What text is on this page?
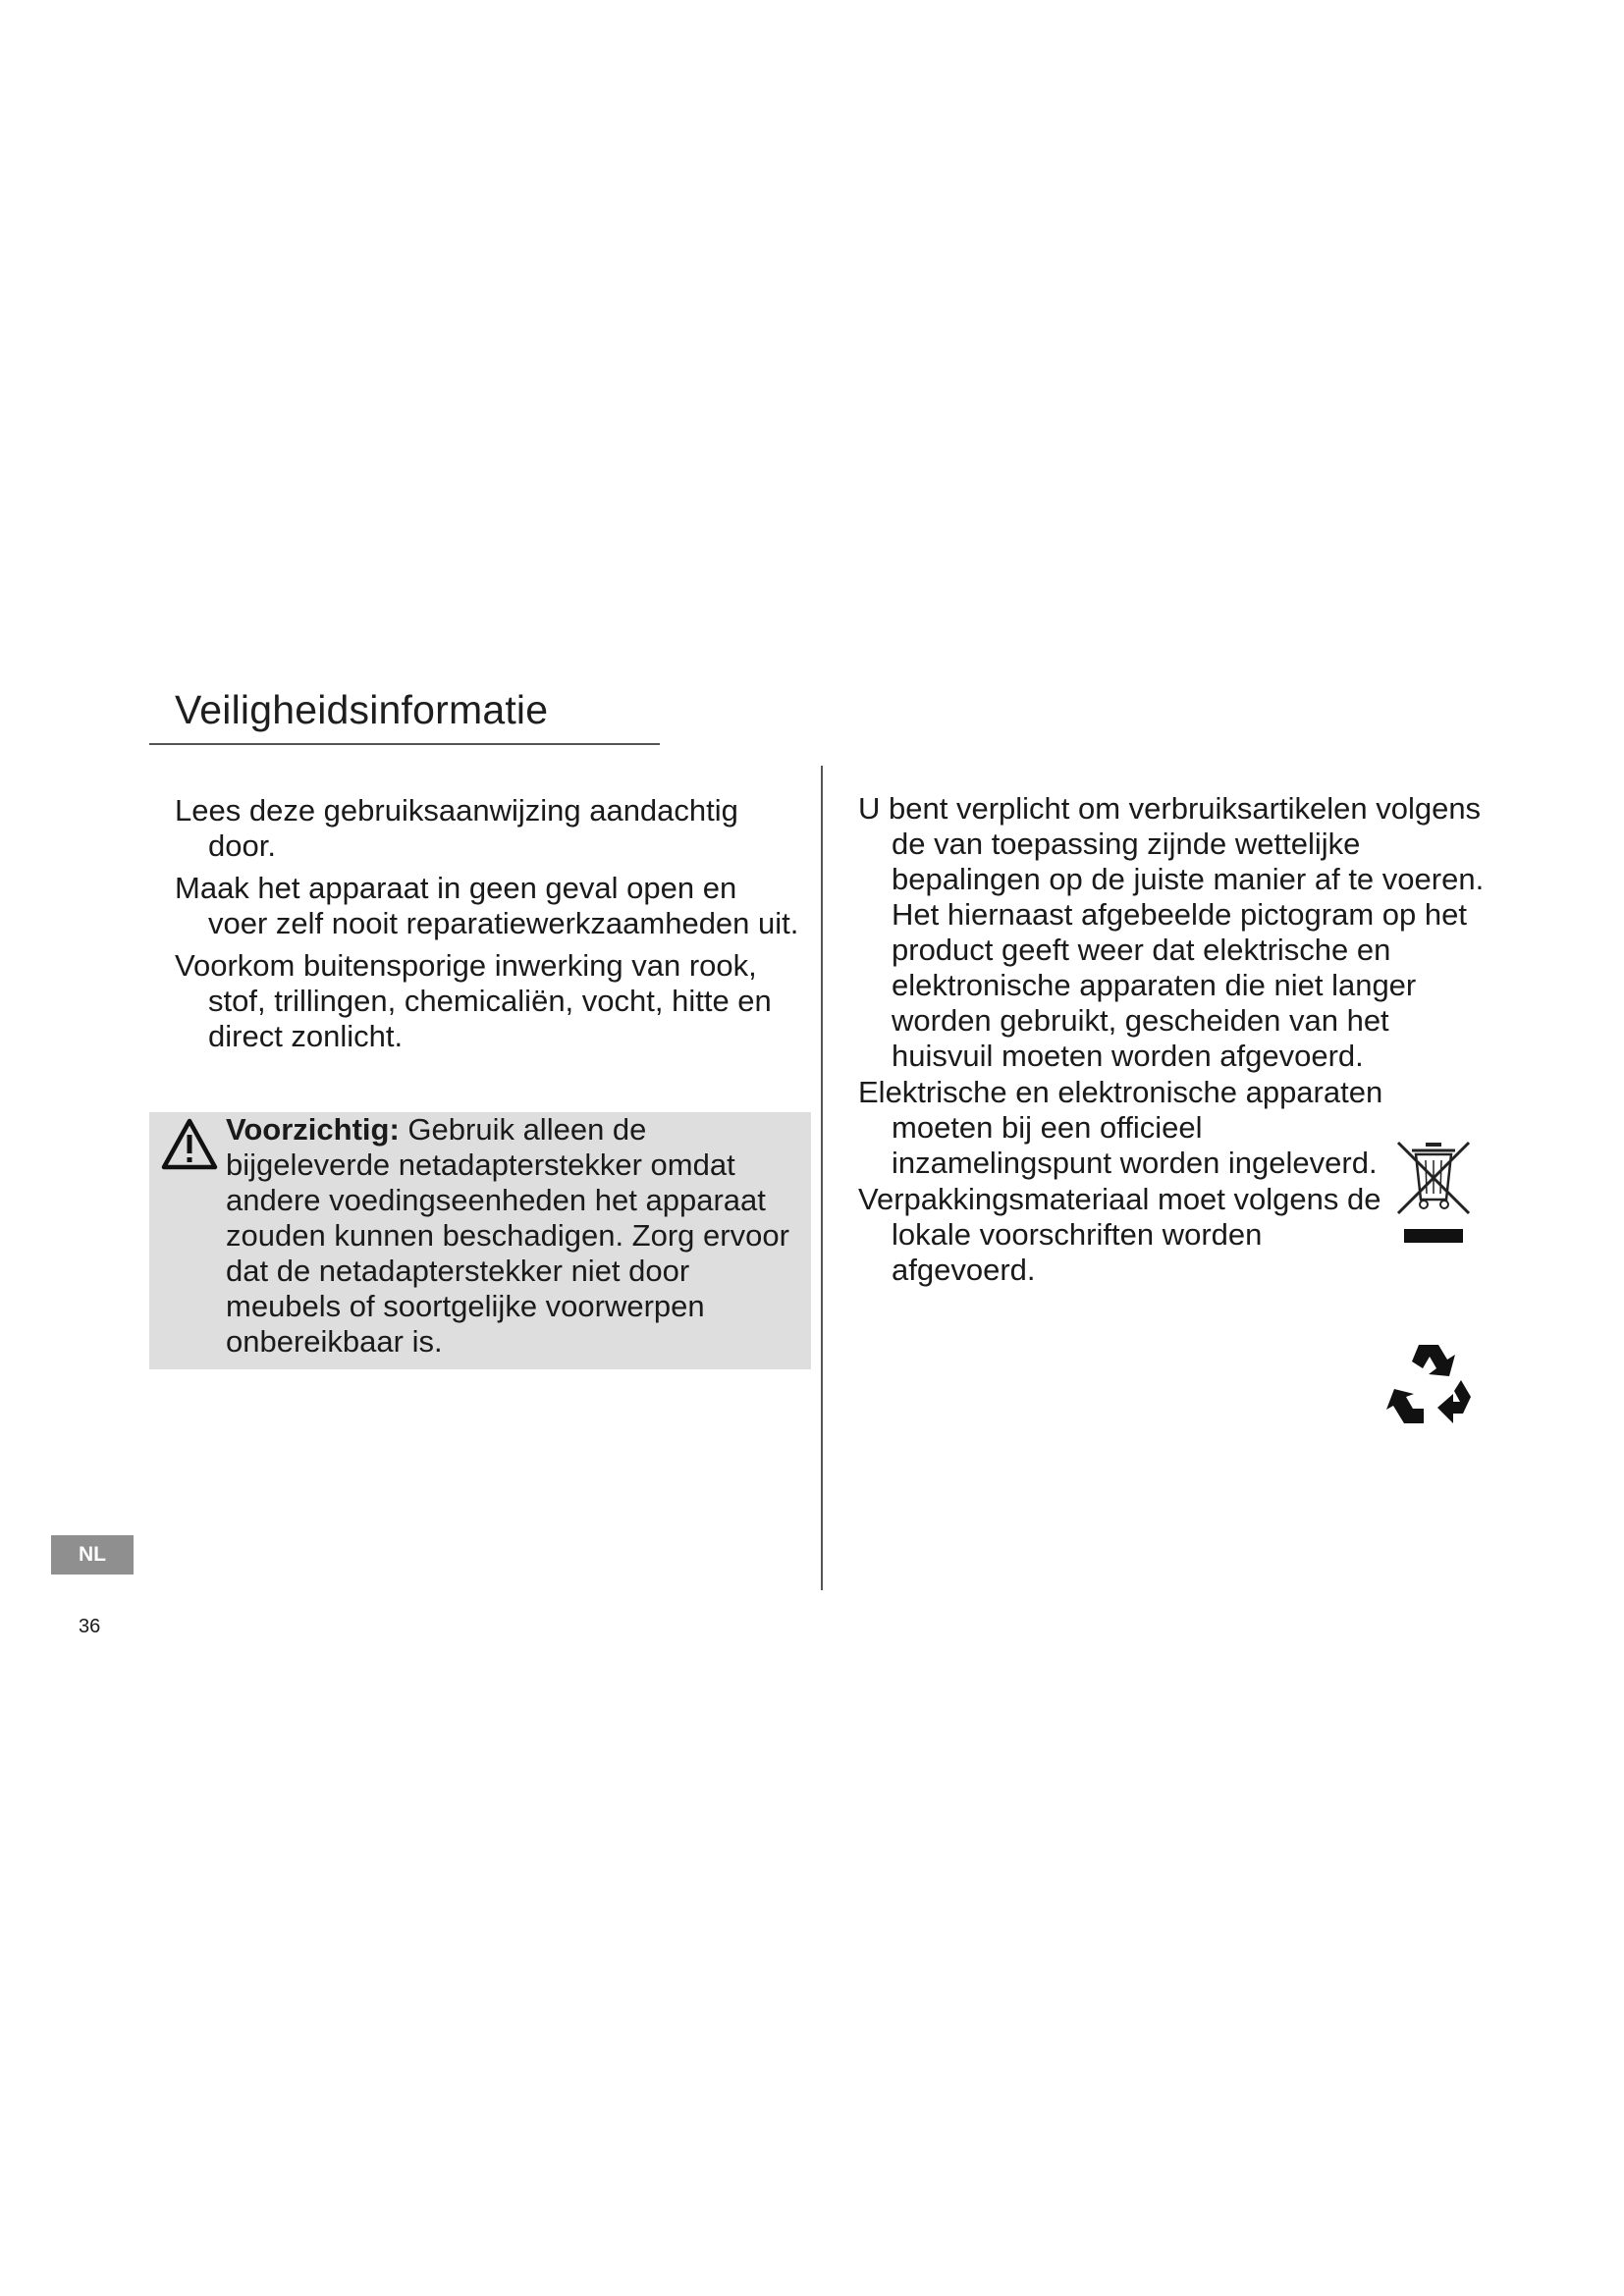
Veiligheidsinformatie

Lees deze gebruiksaanwijzing aandachtig door.

Maak het apparaat in geen geval open en voer zelf nooit reparatiewerkzaamheden uit.

Voorkom buitensporige inwerking van rook, stof, trillingen, chemicaliën, vocht, hitte en direct zonlicht.

Voorzichtig: Gebruik alleen de bijgeleverde netadapterstekker omdat andere voedingseenheden het apparaat zouden kunnen beschadigen. Zorg ervoor dat de netadapterstekker niet door meubels of soortgelijke voorwerpen onbereikbaar is.

U bent verplicht om verbruiksartikelen volgens de van toepassing zijnde wettelijke bepalingen op de juiste manier af te voeren. Het hiernaast afgebeelde pictogram op het product geeft weer dat elektrische en elektronische apparaten die niet langer worden gebruikt, gescheiden van het huisvuil moeten worden afgevoerd.

Elektrische en elektronische apparaten moeten bij een officieel inzamelingspunt worden ingeleverd.

Verpakkingsmateriaal moet volgens de lokale voorschriften worden afgevoerd.

NL
36
